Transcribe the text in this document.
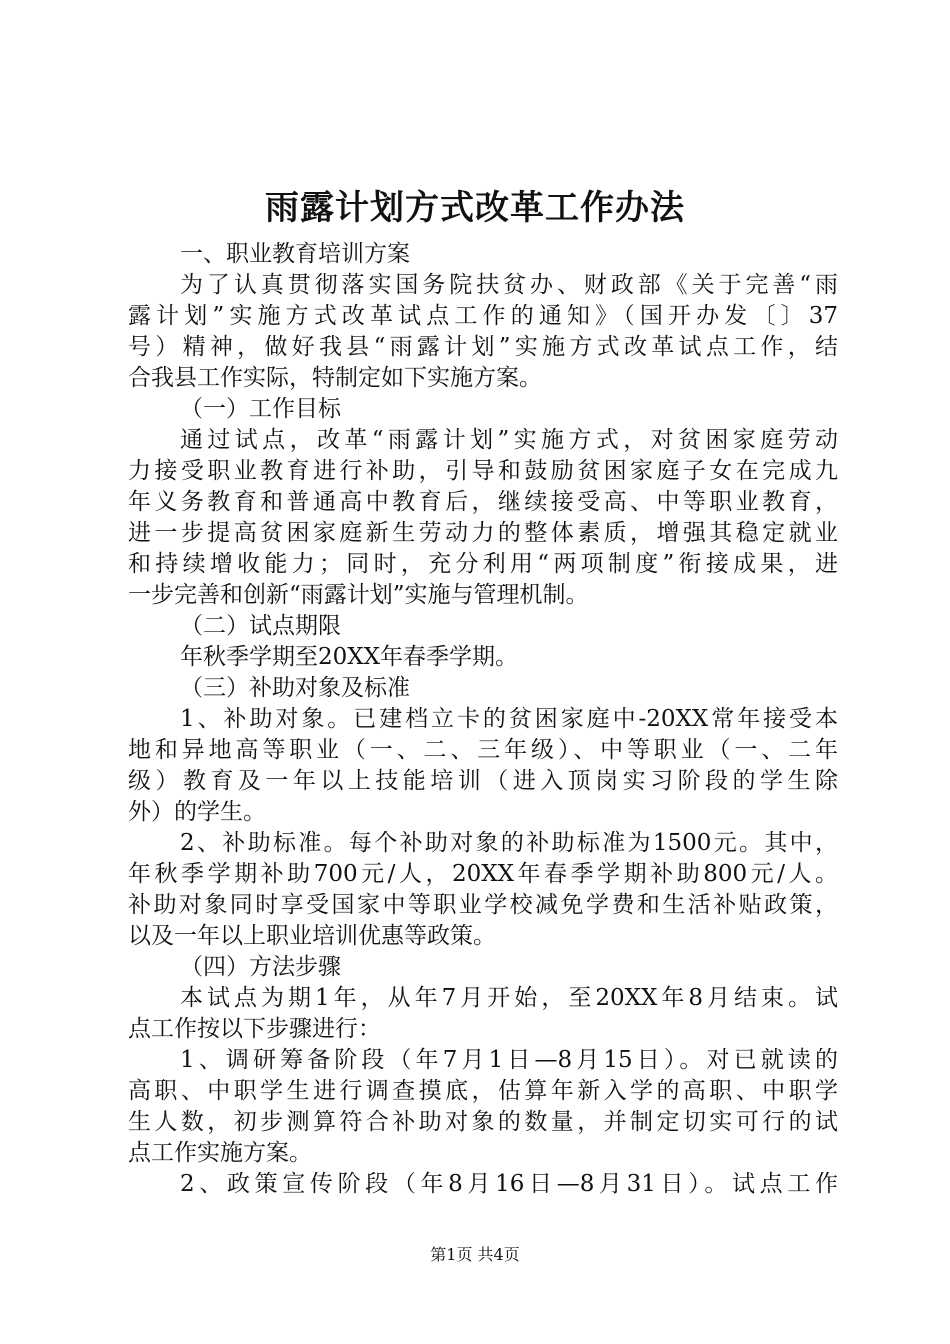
雨露计划方式改革工作办法
一、职业教育培训方案
为了认真贯彻落实国务院扶贫办、财政部《关于完善“雨
露计划”实施方式改革试点工作的通知》（国开办发〔〕37
号）精神，做好我县“雨露计划”实施方式改革试点工作，结
合我县工作实际，特制定如下实施方案。
（一）工作目标
通过试点，改革“雨露计划”实施方式，对贫困家庭劳动
力接受职业教育进行补助，引导和鼓励贫困家庭子女在完成九
年义务教育和普通高中教育后，继续接受高、中等职业教育，
进一步提高贫困家庭新生劳动力的整体素质，增强其稳定就业
和持续增收能力；同时，充分利用“两项制度”衔接成果，进
一步完善和创新“雨露计划”实施与管理机制。
（二）试点期限
年秋季学期至20XX年春季学期。
（三）补助对象及标准
1、补助对象。已建档立卡的贫困家庭中-20XX常年接受本
地和异地高等职业（一、二、三年级）、中等职业（一、二年
级）教育及一年以上技能培训（进入顶岗实习阶段的学生除
外）的学生。
2、补助标准。每个补助对象的补助标准为1500元。其中，
年秋季学期补助700元/人，20XX年春季学期补助800元/人。
补助对象同时享受国家中等职业学校减免学费和生活补贴政策，
以及一年以上职业培训优惠等政策。
（四）方法步骤
本试点为期1年，从年7月开始，至20XX年8月结束。试
点工作按以下步骤进行：
1、调研筹备阶段（年7月1日—8月15日）。对已就读的
高职、中职学生进行调查摸底，估算年新入学的高职、中职学
生人数，初步测算符合补助对象的数量，并制定切实可行的试
点工作实施方案。
2、政策宣传阶段（年8月16日—8月31日）。试点工作
第1页 共4页
